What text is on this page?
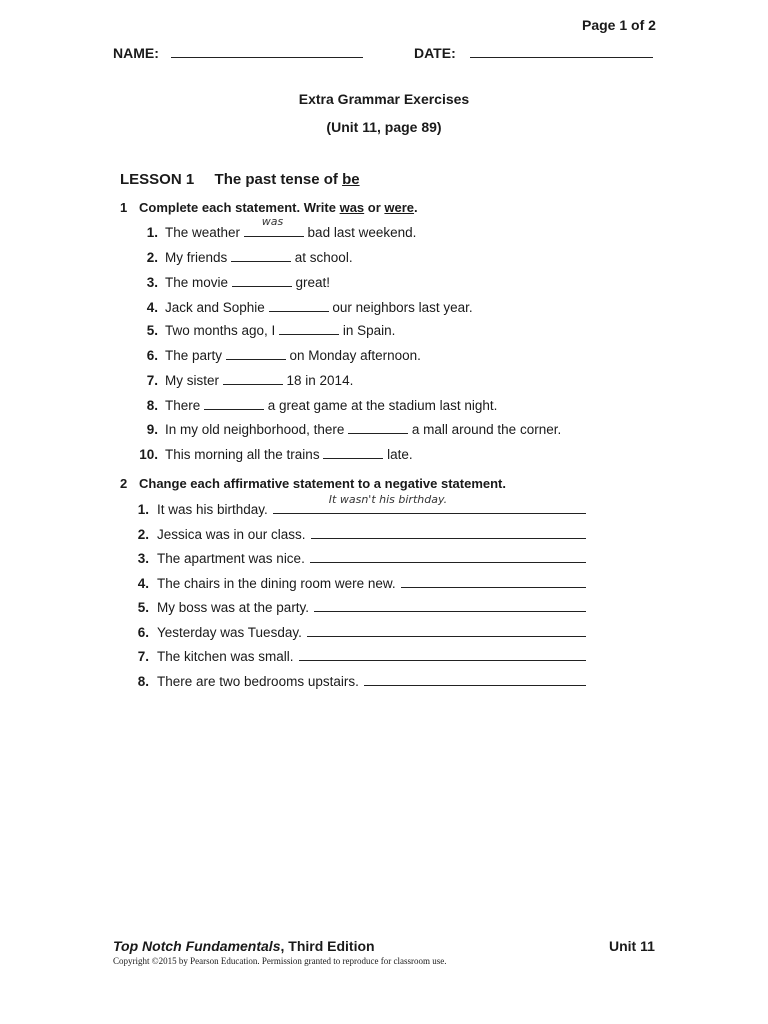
Page 1 of 2
NAME:	DATE:
Extra Grammar Exercises
(Unit 11, page 89)
LESSON 1 The past tense of be
1 Complete each statement. Write was or were.
1. The weather
was
bad last weekend.
2. My friends	at school.
3. The movie	great!
4. Jack and Sophie	our neighbors last year.
5. Two months ago, I	in Spain.
6. The party	on Monday afternoon.
7. My sister	18 in 2014.
8. There	a great game at the stadium last night.
9. In my old neighborhood, there	a mall around the corner.
10. This morning all the trains	late.
2 Change each affirmative statement to a negative statement.
1. It was his birthday.
It wasn't his birthday.
2. Jessica was in our class.
3. The apartment was nice.
4. The chairs in the dining room were new.
5. My boss was at the party.
6. Yesterday was Tuesday.
7. The kitchen was small.
8. There are two bedrooms upstairs.
Top Notch Fundamentals, Third Edition	Unit 11
Copyright ©2015 by Pearson Education. Permission granted to reproduce for classroom use.
